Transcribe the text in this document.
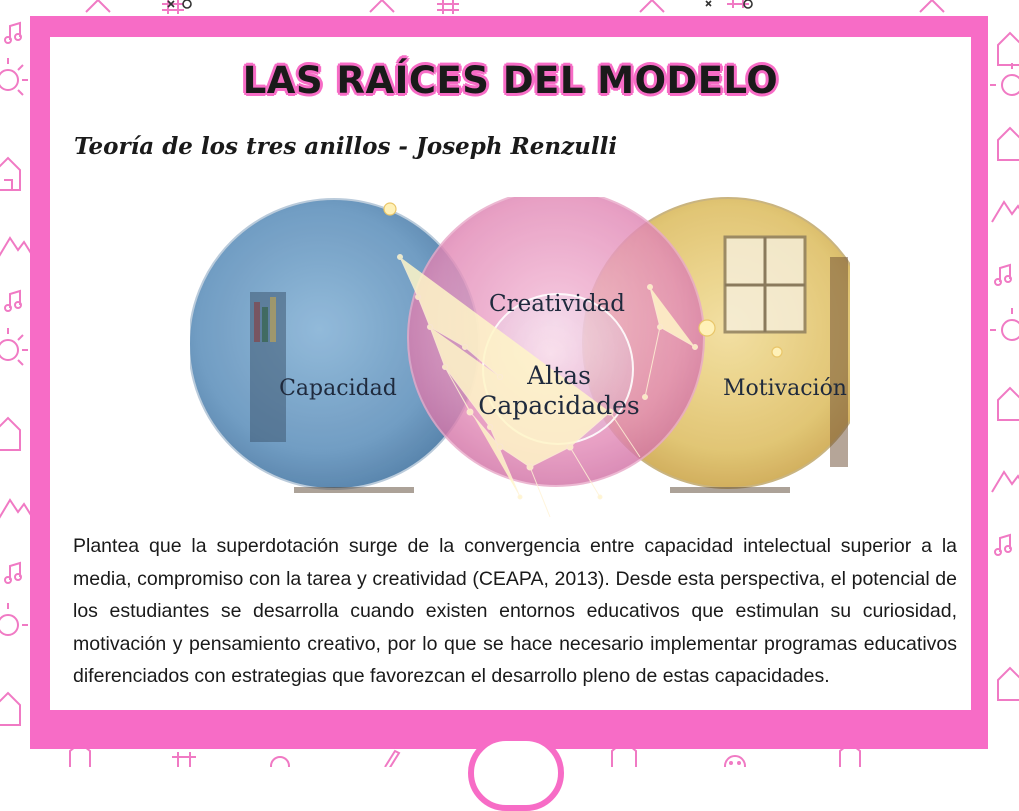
LAS RAÍCES DEL MODELO
Teoría de los tres anillos - Joseph Renzulli
Creatividad
Capacidad	Motivación
Altas
Capacidades

Plantea que la superdotación surge de la convergencia entre capacidad intelectual superior a la media, compromiso con la tarea y creatividad (CEAPA, 2013). Desde esta perspectiva, el potencial de los estudiantes se desarrolla cuando existen entornos educativos que estimulan su curiosidad, motivación y pensamiento creativo, por lo que se hace necesario implementar programas educativos diferenciados con estrategias que favorezcan el desarrollo pleno de estas capacidades.
